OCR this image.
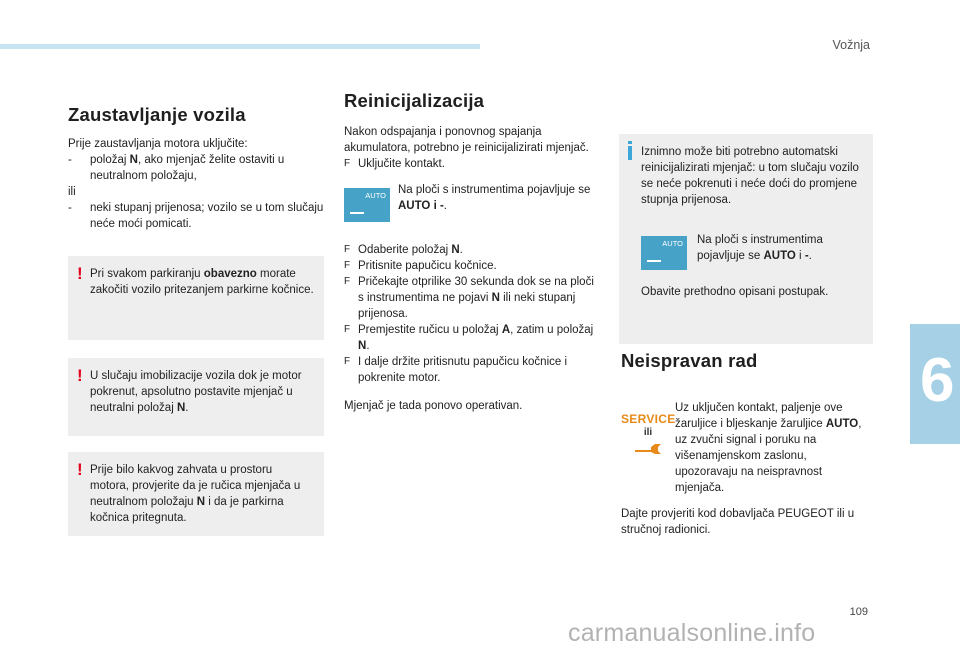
Vožnja
6
Zaustavljanje vozila

Prije zaustavljanja motora uključite:

-	položaj N, ako mjenjač želite ostaviti u neutralnom položaju,

ili

-	neki stupanj prijenosa; vozilo se u tom slučaju neće moći pomicati.
! Pri svakom parkiranju obavezno morate zakočiti vozilo pritezanjem parkirne kočnice.

! U slučaju imobilizacije vozila dok je motor pokrenut, apsolutno postavite mjenjač u neutralni položaj N.

! Prije bilo kakvog zahvata u prostoru motora, provjerite da je ručica mjenjača u neutralnom položaju N i da je parkirna kočnica pritegnuta.

Reinicijalizacija

Nakon odspajanja i ponovnog spajanja akumulatora, potrebno je reinicijalizirati mjenjač.

F Uključite kontakt.
AUTO Na ploči s instrumentima pojavljuje se AUTO i -.

F Odaberite položaj N.
F Pritisnite papučicu kočnice.
F Pričekajte otprilike 30 sekunda dok se na ploči s instrumentima ne pojavi N ili neki stupanj prijenosa.
F Premjestite ručicu u položaj A, zatim u položaj N.
F I dalje držite pritisnutu papučicu kočnice i pokrenite motor.

Mjenjač je tada ponovo operativan.

Iznimno može biti potrebno automatski reinicijalizirati mjenjač: u tom slučaju vozilo se neće pokrenuti i neće doći do promjene stupnja prijenosa.

AUTO Na ploči s instrumentima pojavljuje se AUTO i -.

Obavite prethodno opisani postupak.

Neispravan rad
SERVICE
ili

Uz uključen kontakt, paljenje ove žaruljice i bljeskanje žaruljice AUTO, uz zvučni signal i poruku na višenamjenskom zaslonu, upozoravaju na neispravnost mjenjača.

Dajte provjeriti kod dobavljača PEUGEOT ili u stručnoj radionici.

109
carmanualsonline.info
